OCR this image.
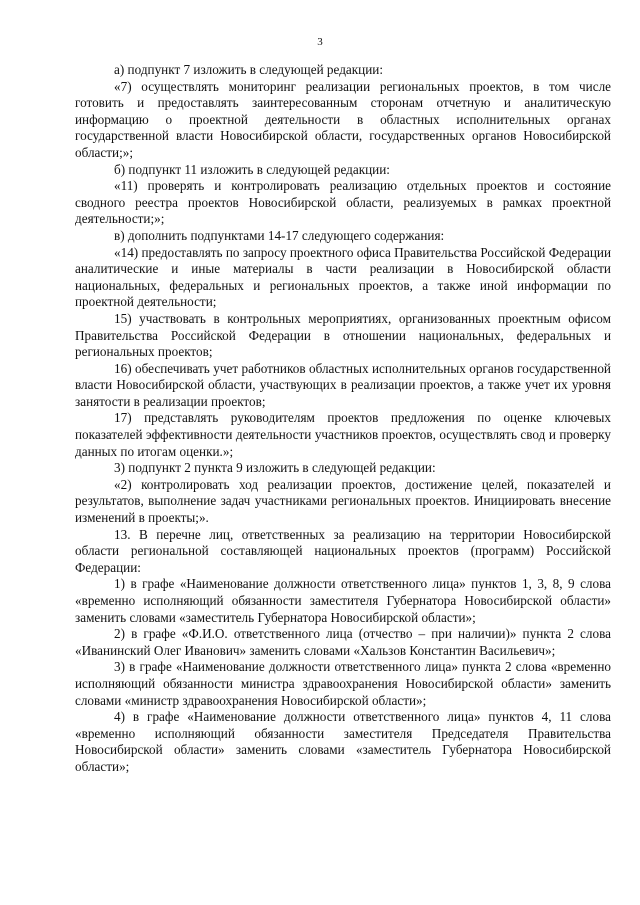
3

а) подпункт 7 изложить в следующей редакции:

«7) осуществлять мониторинг реализации региональных проектов, в том числе готовить и предоставлять заинтересованным сторонам отчетную и аналитическую информацию о проектной деятельности в областных исполнительных органах государственной власти Новосибирской области, государственных органов Новосибирской области;»;

б) подпункт 11 изложить в следующей редакции:

«11) проверять и контролировать реализацию отдельных проектов и состояние сводного реестра проектов Новосибирской области, реализуемых в рамках проектной деятельности;»;

в) дополнить подпунктами 14-17 следующего содержания:

«14) предоставлять по запросу проектного офиса Правительства Российской Федерации аналитические и иные материалы в части реализации в Новосибирской области национальных, федеральных и региональных проектов, а также иной информации по проектной деятельности;

15) участвовать в контрольных мероприятиях, организованных проектным офисом Правительства Российской Федерации в отношении национальных, федеральных и региональных проектов;

16) обеспечивать учет работников областных исполнительных органов государственной власти Новосибирской области, участвующих в реализации проектов, а также учет их уровня занятости в реализации проектов;

17) представлять руководителям проектов предложения по оценке ключевых показателей эффективности деятельности участников проектов, осуществлять свод и проверку данных по итогам оценки.»;

3) подпункт 2 пункта 9 изложить в следующей редакции:

«2) контролировать ход реализации проектов, достижение целей, показателей и результатов, выполнение задач участниками региональных проектов. Инициировать внесение изменений в проекты;».

13. В перечне лиц, ответственных за реализацию на территории Новосибирской области региональной составляющей национальных проектов (программ) Российской Федерации:

1) в графе «Наименование должности ответственного лица» пунктов 1, 3, 8, 9 слова «временно исполняющий обязанности заместителя Губернатора Новосибирской области» заменить словами «заместитель Губернатора Новосибирской области»;

2) в графе «Ф.И.О. ответственного лица (отчество – при наличии)» пункта 2 слова «Иванинский Олег Иванович» заменить словами «Хальзов Константин Васильевич»;

3) в графе «Наименование должности ответственного лица» пункта 2 слова «временно исполняющий обязанности министра здравоохранения Новосибирской области» заменить словами «министр здравоохранения Новосибирской области»;

4) в графе «Наименование должности ответственного лица» пунктов 4, 11 слова «временно исполняющий обязанности заместителя Председателя Правительства Новосибирской области» заменить словами «заместитель Губернатора Новосибирской области»;
